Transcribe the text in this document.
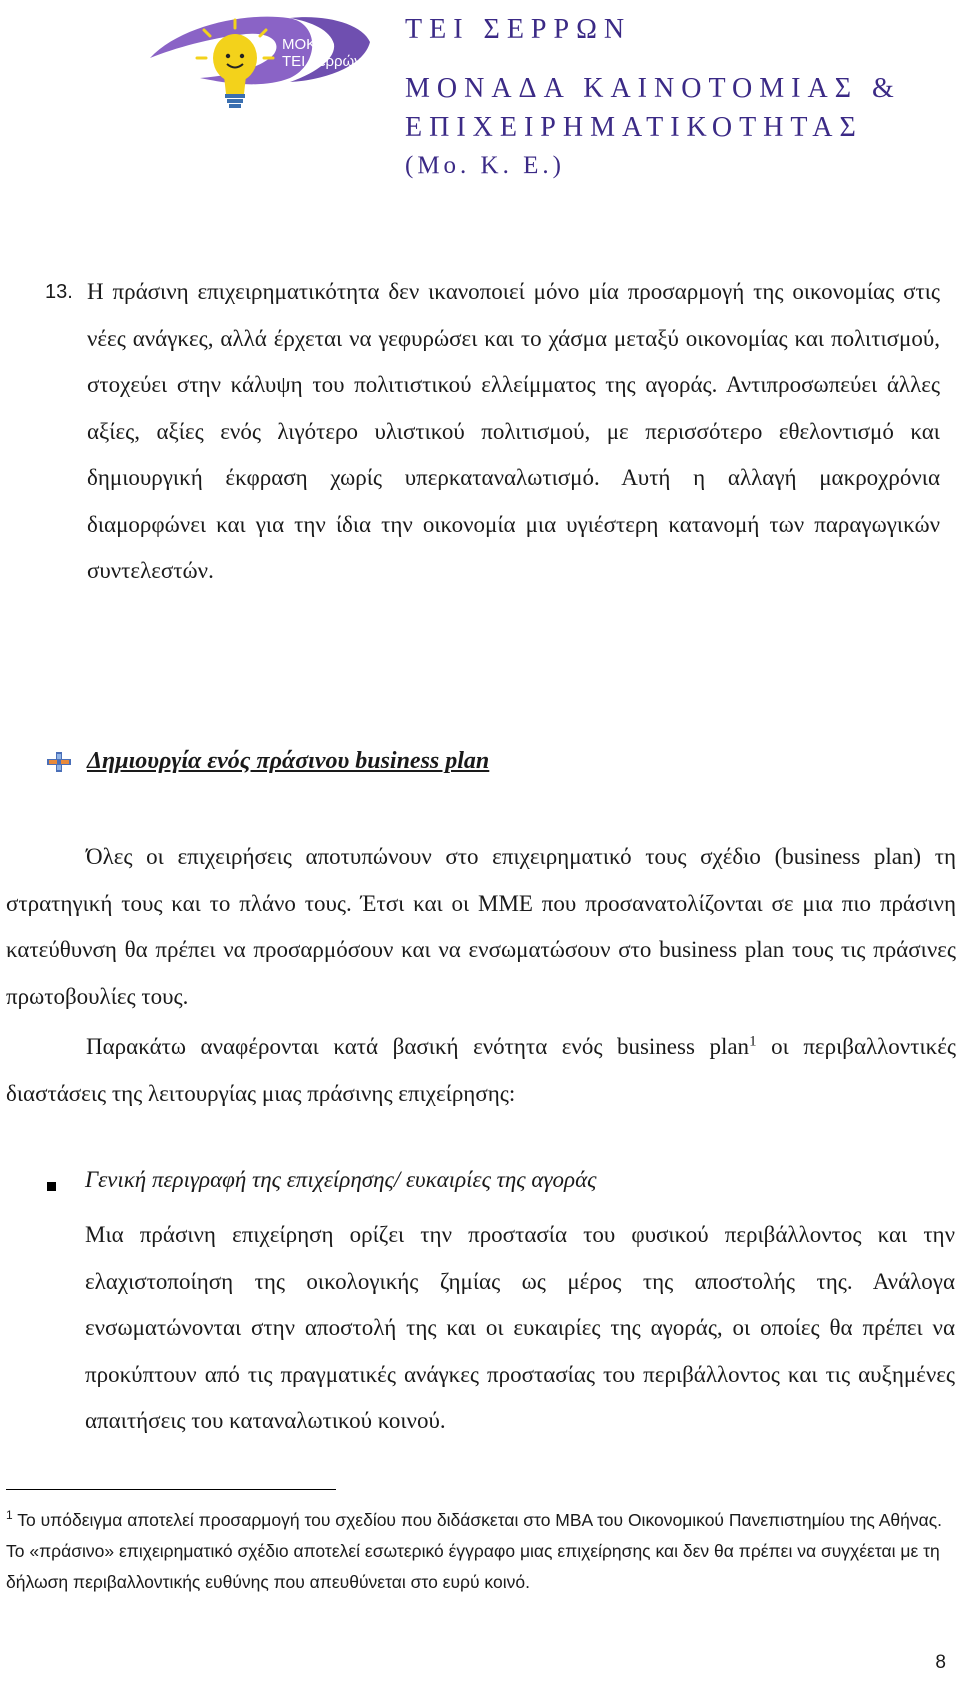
ΜΟΚΕ
ΤΕΙ Σερρών
ΤΕΙ ΣΕΡΡΩΝ
ΜΟΝΑΔΑ ΚΑΙΝΟΤΟΜΙΑΣ &
ΕΠΙΧΕΙΡΗΜΑΤΙΚΟΤΗΤΑΣ
(Μο. Κ. Ε.)
13. Η πράσινη επιχειρηματικότητα δεν ικανοποιεί μόνο μία προσαρμογή της οικονομίας στις νέες ανάγκες, αλλά έρχεται να γεφυρώσει και το χάσμα μεταξύ οικονομίας και πολιτισμού, στοχεύει στην κάλυψη του πολιτιστικού ελλείμματος της αγοράς. Αντιπροσωπεύει άλλες αξίες, αξίες ενός λιγότερο υλιστικού πολιτισμού, με περισσότερο εθελοντισμό και δημιουργική έκφραση χωρίς υπερκαταναλωτισμό. Αυτή η αλλαγή μακροχρόνια διαμορφώνει και για την ίδια την οικονομία μια υγιέστερη κατανομή των παραγωγικών συντελεστών.
Δημιουργία ενός πράσινου business plan
Όλες οι επιχειρήσεις αποτυπώνουν στο επιχειρηματικό τους σχέδιο (business plan) τη στρατηγική τους και το πλάνο τους. Έτσι και οι ΜΜΕ που προσανατολίζονται σε μια πιο πράσινη κατεύθυνση θα πρέπει να προσαρμόσουν και να ενσωματώσουν στο business plan τους τις πράσινες πρωτοβουλίες τους.
Παρακάτω αναφέρονται κατά βασική ενότητα ενός business plan$^1$ οι περιβαλλοντικές διαστάσεις της λειτουργίας μιας πράσινης επιχείρησης:
Γενική περιγραφή της επιχείρησης/ ευκαιρίες της αγοράς
Μια πράσινη επιχείρηση ορίζει την προστασία του φυσικού περιβάλλοντος και την ελαχιστοποίηση της οικολογικής ζημίας ως μέρος της αποστολής της. Ανάλογα ενσωματώνονται στην αποστολή της και οι ευκαιρίες της αγοράς, οι οποίες θα πρέπει να προκύπτουν από τις πραγματικές ανάγκες προστασίας του περιβάλλοντος και τις αυξημένες απαιτήσεις του καταναλωτικού κοινού.
$^1$ Το υπόδειγμα αποτελεί προσαρμογή του σχεδίου που διδάσκεται στο MBA του Οικονομικού Πανεπιστημίου της Αθήνας. Το «πράσινο» επιχειρηματικό σχέδιο αποτελεί εσωτερικό έγγραφο μιας επιχείρησης και δεν θα πρέπει να συγχέεται με τη δήλωση περιβαλλοντικής ευθύνης που απευθύνεται στο ευρύ κοινό.
8
